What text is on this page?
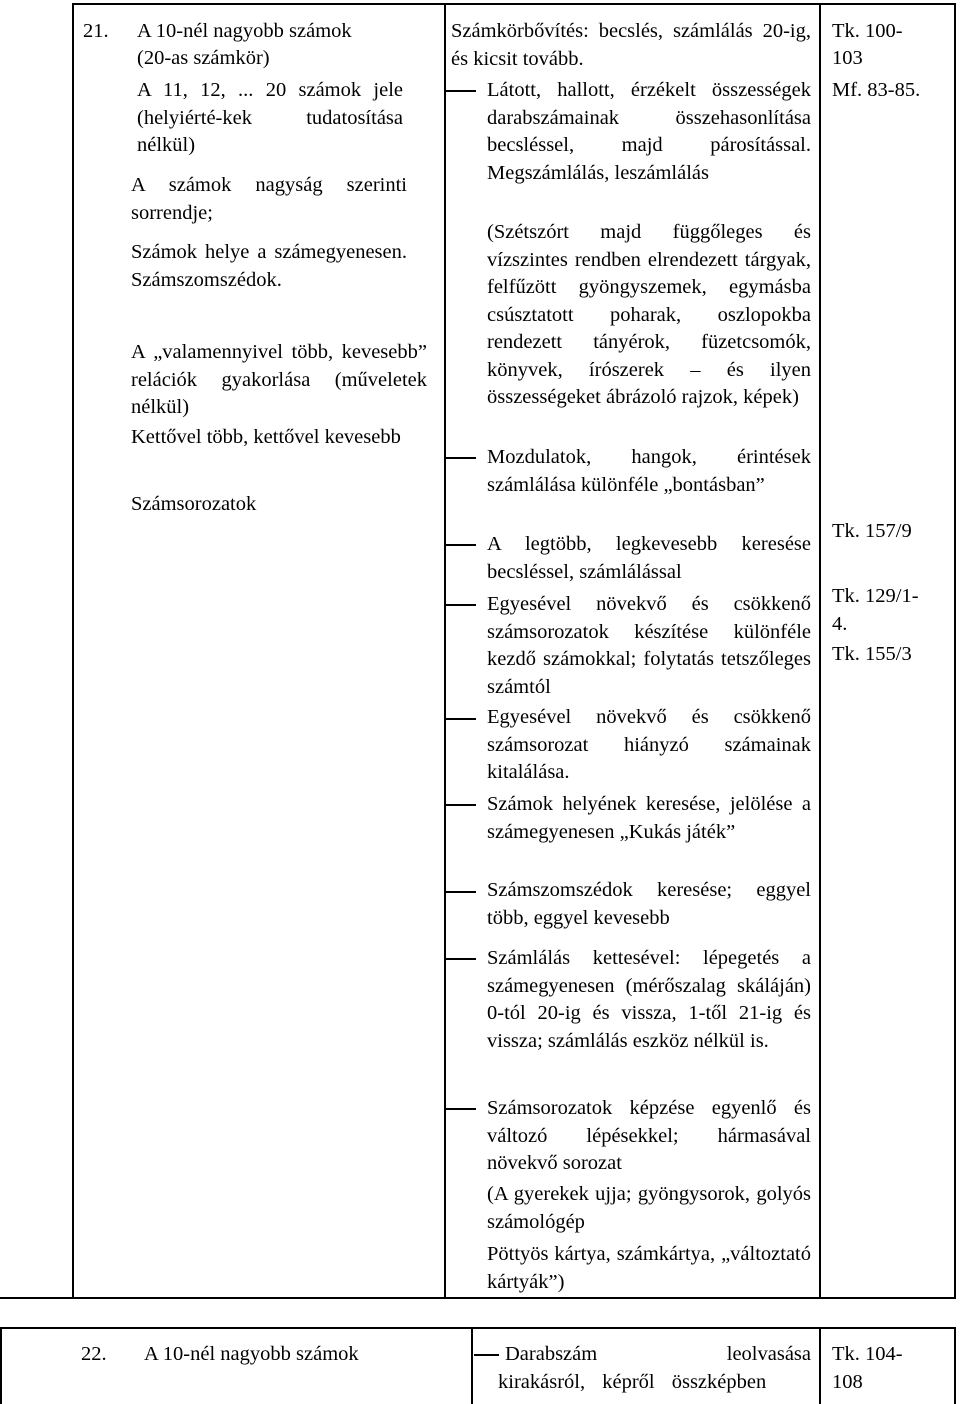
21. A 10-nél nagyobb számok
(20-as számkör)
A 11, 12, ... 20 számok jele (helyiérté-kek tudatosítása nélkül)
A számok nagyság szerinti sorrendje;
Számok helye a számegyenesen. Számszomszédok.
A „valamennyivel több, kevesebb” relációk gyakorlása (műveletek nélkül)
Kettővel több, kettővel kevesebb
Számsorozatok
Számkörbővítés: becslés, számlálás 20-ig, és kicsit tovább.
Látott, hallott, érzékelt összességek darabszámainak összehasonlítása becsléssel, majd párosítással. Megszámlálás, leszámlálás
(Szétszórt majd függőleges és vízszintes rendben elrendezett tárgyak, felfűzött gyöngyszemek, egymásba csúsztatott poharak, oszlopokba rendezett tányérok, füzetcsomók, könyvek, írószerek – és ilyen összességeket ábrázoló rajzok, képek)
Mozdulatok, hangok, érintések számlálása különféle „bontásban”
A legtöbb, legkevesebb keresése becsléssel, számlálással
Egyesével növekvő és csökkenő számsorozatok készítése különféle kezdő számokkal; folytatás tetszőleges számtól
Egyesével növekvő és csökkenő számsorozat hiányzó számainak kitalálása.
Számok helyének keresése, jelölése a számegyenesen „Kukás játék”
Számszomszédok keresése; eggyel több, eggyel kevesebb
Számlálás kettesével: lépegetés a számegyenesen (mérőszalag skáláján) 0-tól 20-ig és vissza, 1-től 21-ig és vissza; számlálás eszköz nélkül is.
Számsorozatok képzése egyenlő és változó lépésekkel; hármasával növekvő sorozat
(A gyerekek ujja; gyöngysorok, golyós számológép
Pöttyös kártya, számkártya, „változtató kártyák”)
Tk. 100-
103
Mf. 83-85.
Tk. 157/9
Tk. 129/1-
4.
Tk. 155/3
22. A 10-nél nagyobb számok	Darabszám leolvasása
kirakásról, képről összképben
Tk. 104-
108
